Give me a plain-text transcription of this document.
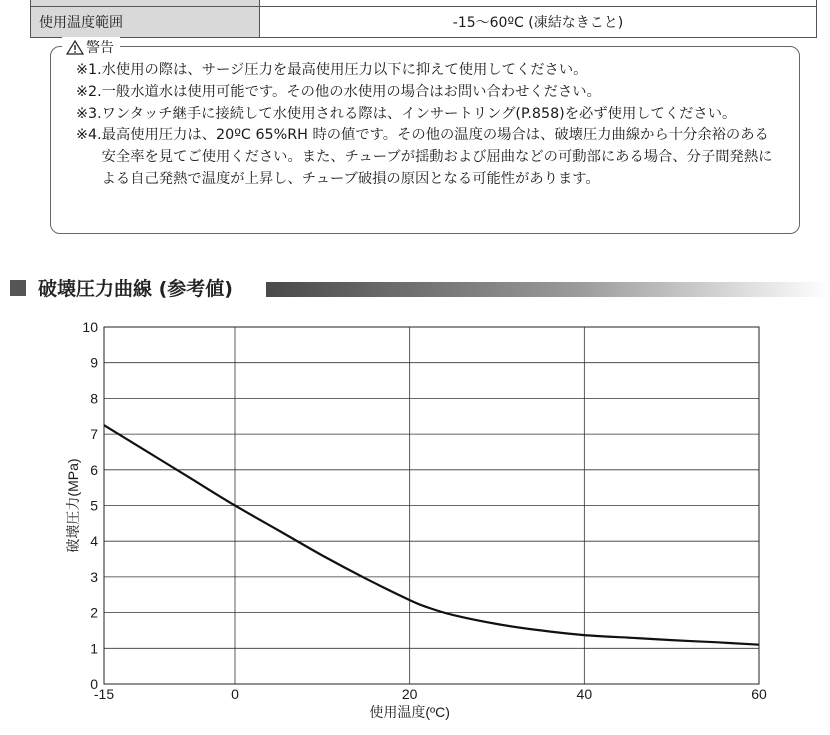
使用温度範囲	-15～60ºC (凍結なきこと)
警告
※1. 水使用の際は、サージ圧力を最高使用圧力以下に抑えて使用してください。
※2. 一般水道水は使用可能です。その他の水使用の場合はお問い合わせください。
※3. ワンタッチ継手に接続して水使用される際は、インサートリング(P.858)を必ず使用してください。
※4. 最高使用圧力は、20ºC 65%RH 時の値です。その他の温度の場合は、破壊圧力曲線から十分余裕のある安全率を見てご使用ください。また、チューブが揺動および屈曲などの可動部にある場合、分子間発熱による自己発熱で温度が上昇し、チューブ破損の原因となる可能性があります。
破壊圧力曲線 (参考値)
0
1
2
3
4
5
6
7
8
9
10
-15	0	20	40	60
使用温度(ºC)
破壊圧力(MPa)
